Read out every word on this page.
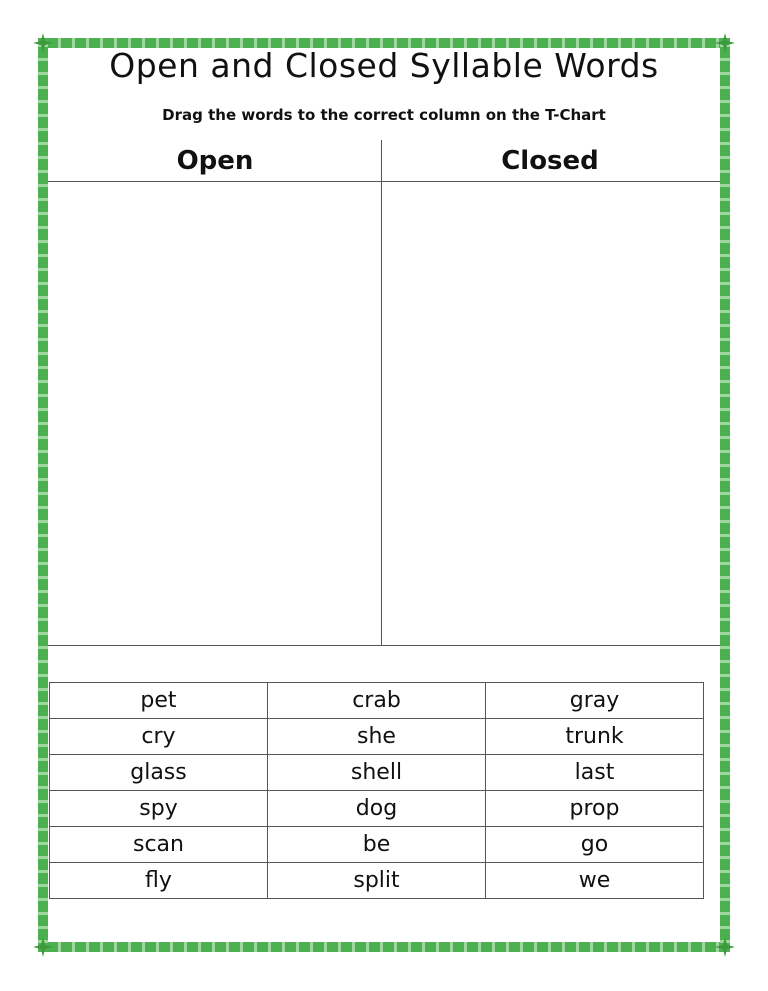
Open and Closed Syllable Words
Drag the words to the correct column on the T-Chart
Open	Closed
pet	crab	gray
cry	she	trunk
glass	shell	last
spy	dog	prop
scan	be	go
fly	split	we
